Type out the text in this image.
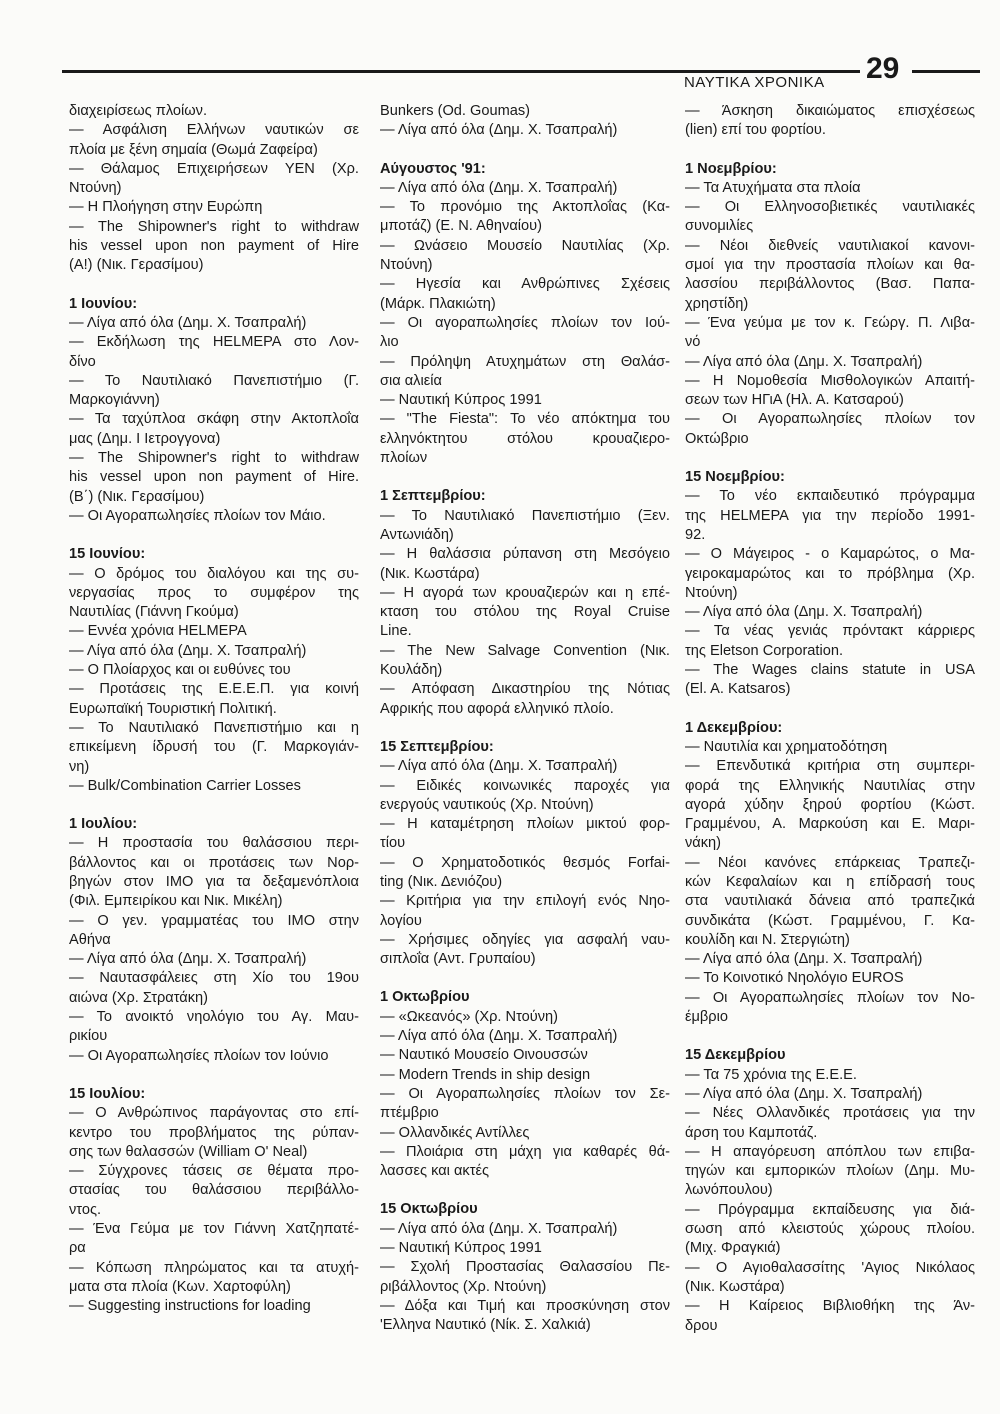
ΝΑΥΤΙΚΑ ΧΡΟΝΙΚΑ 29
διαχειρίσεως πλοίων.
— Ασφάλιση Ελλήνων ναυτικών σε
πλοία με ξένη σημαία (Θωμά Ζαφείρα)
— Θάλαμος Επιχειρήσεων ΥΕΝ (Χρ.
Ντούνη)
— Η Πλοήγηση στην Ευρώπη
— The Shipowner's right to withdraw
his vessel upon non payment of Hire
(A!) (Νικ. Γερασίμου)
1 Ιουνίου:
— Λίγα από όλα (Δημ. Χ. Τσαπραλή)
— Εκδήλωση της HELMEPA στο Λον-
δίνο
— Το Ναυτιλιακό Πανεπιστήμιο (Γ.
Μαρκογιάννη)
— Τα ταχύπλοα σκάφη στην Ακτοπλοΐα
μας (Δημ. Ι Ιετρογγονα)
— The Shipowner's right to withdraw
his vessel upon non payment of Hire.
(Β΄) (Νικ. Γερασίμου)
— Οι Αγοραπωλησίες πλοίων τον Μάιο.
15 Ιουνίου:
— Ο δρόμος του διαλόγου και της συ-
νεργασίας προς το συμφέρον της
Ναυτιλίας (Γιάννη Γκούμα)
— Εννέα χρόνια HELMEPA
— Λίγα από όλα (Δημ. Χ. Τσαπραλή)
— Ο Πλοίαρχος και οι ευθύνες του
— Προτάσεις της Ε.Ε.Ε.Π. για κοινή
Ευρωπαϊκή Τουριστική Πολιτική.
— Το Ναυτιλιακό Πανεπιστήμιο και η
επικείμενη ίδρυσή του (Γ. Μαρκογιάν-
νη)
— Bulk/Combination Carrier Losses
1 Ιουλίου:
— Η προστασία του θαλάσσιου περι-
βάλλοντος και οι προτάσεις των Νορ-
βηγών στον ΙΜΟ για τα δεξαμενόπλοια
(Φιλ. Εμπειρίκου και Νικ. Μικέλη)
— Ο γεν. γραμματέας του ΙΜΟ στην
Αθήνα
— Λίγα από όλα (Δημ. Χ. Τσαπραλή)
— Ναυτασφάλειες στη Χίο του 19ου
αιώνα (Χρ. Στρατάκη)
— Το ανοικτό νηολόγιο του Αγ. Μαυ-
ρικίου
— Οι Αγοραπωλησίες πλοίων τον Ιούνιο
15 Ιουλίου:
— Ο Ανθρώπινος παράγοντας στο επί-
κεντρο του προβλήματος της ρύπαν-
σης των θαλασσών (William O' Neal)
— Σύγχρονες τάσεις σε θέματα προ-
στασίας του θαλάσσιου περιβάλλο-
ντος.
— Ένα Γεύμα με τον Γιάννη Χατζηπατέ-
ρα
— Κόπωση πληρώματος και τα ατυχή-
ματα στα πλοία (Κων. Χαρτοφύλη)
— Suggesting instructions for loading
Bunkers (Od. Goumas)
— Λίγα από όλα (Δημ. Χ. Τσαπραλή)
Αύγουστος '91:
— Λίγα από όλα (Δημ. Χ. Τσαπραλή)
— Το προνόμιο της Ακτοπλοΐας (Κα-
μποτάζ) (Ε. Ν. Αθηναίου)
— Ωνάσειο Μουσείο Ναυτιλίας (Χρ.
Ντούνη)
— Ηγεσία και Ανθρώπινες Σχέσεις
(Μάρκ. Πλακιώτη)
— Οι αγοραπωλησίες πλοίων τον Ιού-
λιο
— Πρόληψη Ατυχημάτων στη Θαλάσ-
σια αλιεία
— Ναυτική Κύπρος 1991
— "The Fiesta": Το νέο απόκτημα του
ελληνόκτητου στόλου κρουαζιερο-
πλοίων
1 Σεπτεμβρίου:
— Το Ναυτιλιακό Πανεπιστήμιο (Ξεν.
Αντωνιάδη)
— Η θαλάσσια ρύπανση στη Μεσόγειο
(Νικ. Κωστάρα)
— Η αγορά των κρουαζιερών και η επέ-
κταση του στόλου της Royal Cruise
Line.
— The New Salvage Convention (Νικ.
Κουλάδη)
— Απόφαση Δικαστηρίου της Νότιας
Αφρικής που αφορά ελληνικό πλοίο.
15 Σεπτεμβρίου:
— Λίγα από όλα (Δημ. Χ. Τσαπραλή)
— Ειδικές κοινωνικές παροχές για
ενεργούς ναυτικούς (Χρ. Ντούνη)
— Η καταμέτρηση πλοίων μικτού φορ-
τίου
— Ο Χρηματοδοτικός θεσμός Forfai-
ting (Νικ. Δενιόζου)
— Κριτήρια για την επιλογή ενός Νηο-
λογίου
— Χρήσιμες οδηγίες για ασφαλή ναυ-
σιπλοΐα (Αντ. Γρυπαίου)
1 Οκτωβρίου
— «Ωκεανός» (Χρ. Ντούνη)
— Λίγα από όλα (Δημ. Χ. Τσαπραλή)
— Ναυτικό Μουσείο Οινουσσών
— Modern Trends in ship design
— Οι Αγοραπωλησίες πλοίων τον Σε-
πτέμβριο
— Ολλανδικές Αντίλλες
— Πλοιάρια στη μάχη για καθαρές θά-
λασσες και ακτές
15 Οκτωβρίου
— Λίγα από όλα (Δημ. Χ. Τσαπραλή)
— Ναυτική Κύπρος 1991
— Σχολή Προστασίας Θαλασσίου Πε-
ριβάλλοντος (Χρ. Ντούνη)
— Δόξα και Τιμή και προσκύνηση στον
'Ελληνα Ναυτικό (Νίκ. Σ. Χαλκιά)
— Άσκηση δικαιώματος επισχέσεως
(lien) επί του φορτίου.
1 Νοεμβρίου:
— Τα Ατυχήματα στα πλοία
— Οι Ελληνοσοβιετικές ναυτιλιακές
συνομιλίες
— Νέοι διεθνείς ναυτιλιακοί κανονι-
σμοί για την προστασία πλοίων και θα-
λασσίου περιβάλλοντος (Βασ. Παπα-
χρηστίδη)
— Ένα γεύμα με τον κ. Γεώργ. Π. Λιβα-
νό
— Λίγα από όλα (Δημ. Χ. Τσαπραλή)
— Η Νομοθεσία Μισθολογικών Απαιτή-
σεων των ΗΓιΑ (Ηλ. Α. Κατσαρού)
— Οι Αγοραπωλησίες πλοίων τον
Οκτώβριο
15 Νοεμβρίου:
— Το νέο εκπαιδευτικό πρόγραμμα
της HELMEPA για την περίοδο 1991-
92.
— Ο Μάγειρος - ο Καμαρώτος, ο Μα-
γειροκαμαρώτος και το πρόβλημα (Χρ.
Ντούνη)
— Λίγα από όλα (Δημ. Χ. Τσαπραλή)
— Τα νέας γενιάς πρόντακτ κάρριερς
της Eletson Corporation.
— The Wages clains statute in USA
(El. A. Katsaros)
1 Δεκεμβρίου:
— Ναυτιλία και χρηματοδότηση
— Επενδυτικά κριτήρια στη συμπερι-
φορά της Ελληνικής Ναυτιλίας στην
αγορά χύδην ξηρού φορτίου (Κώστ.
Γραμμένου, Α. Μαρκούση και Ε. Μαρι-
νάκη)
— Νέοι κανόνες επάρκειας Τραπεζι-
κών Κεφαλαίων και η επίδρασή τους
στα ναυτιλιακά δάνεια από τραπεζικά
συνδικάτα (Κώστ. Γραμμένου, Γ. Κα-
κουλίδη και Ν. Στεργιώτη)
— Λίγα από όλα (Δημ. Χ. Τσαπραλή)
— Το Κοινοτικό Νηολόγιο EUROS
— Οι Αγοραπωλησίες πλοίων τον Νο-
έμβριο
15 Δεκεμβρίου
— Τα 75 χρόνια της Ε.Ε.Ε.
— Λίγα από όλα (Δημ. Χ. Τσαπραλή)
— Νέες Ολλανδικές προτάσεις για την
άρση του Καμποτάζ.
— Η απαγόρευση απόπλου των επιβα-
τηγών και εμπορικών πλοίων (Δημ. Μυ-
λωνόπουλου)
— Πρόγραμμα εκπαίδευσης για διά-
σωση από κλειστούς χώρους πλοίου.
(Μιχ. Φραγκιά)
— Ο Αγιοθαλασσίτης 'Αγιος Νικόλαος
(Νικ. Κωστάρα)
— Η Καίρειος Βιβλιοθήκη της Άν-
δρου
